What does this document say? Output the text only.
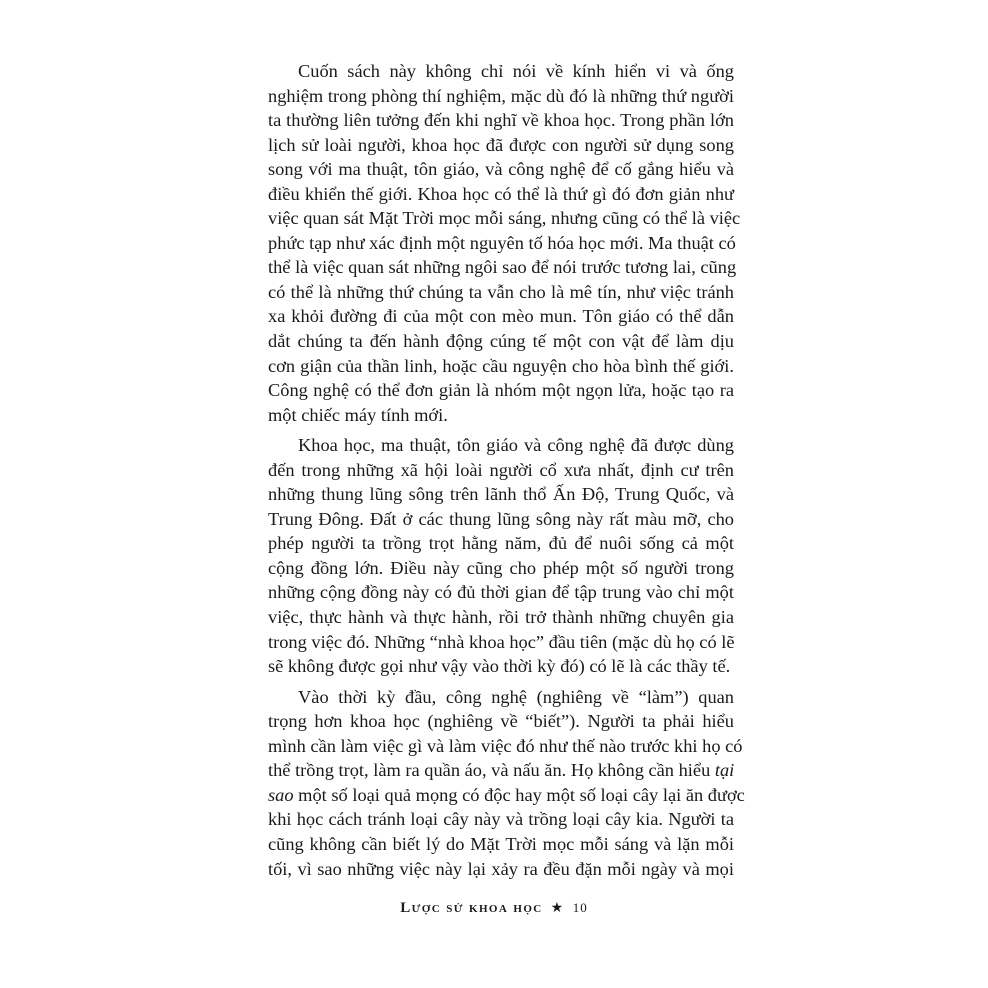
Cuốn sách này không chỉ nói về kính hiển vi và ống
nghiệm trong phòng thí nghiệm, mặc dù đó là những thứ người
ta thường liên tưởng đến khi nghĩ về khoa học. Trong phần lớn
lịch sử loài người, khoa học đã được con người sử dụng song
song với ma thuật, tôn giáo, và công nghệ để cố gắng hiểu và
điều khiển thế giới. Khoa học có thể là thứ gì đó đơn giản như
việc quan sát Mặt Trời mọc mỗi sáng, nhưng cũng có thể là việc
phức tạp như xác định một nguyên tố hóa học mới. Ma thuật có
thể là việc quan sát những ngôi sao để nói trước tương lai, cũng
có thể là những thứ chúng ta vẫn cho là mê tín, như việc tránh
xa khỏi đường đi của một con mèo mun. Tôn giáo có thể dẫn
dắt chúng ta đến hành động cúng tế một con vật để làm dịu
cơn giận của thần linh, hoặc cầu nguyện cho hòa bình thế giới.
Công nghệ có thể đơn giản là nhóm một ngọn lửa, hoặc tạo ra
một chiếc máy tính mới.

Khoa học, ma thuật, tôn giáo và công nghệ đã được dùng
đến trong những xã hội loài người cổ xưa nhất, định cư trên
những thung lũng sông trên lãnh thổ Ấn Độ, Trung Quốc, và
Trung Đông. Đất ở các thung lũng sông này rất màu mỡ, cho
phép người ta trồng trọt hằng năm, đủ để nuôi sống cả một
cộng đồng lớn. Điều này cũng cho phép một số người trong
những cộng đồng này có đủ thời gian để tập trung vào chỉ một
việc, thực hành và thực hành, rồi trở thành những chuyên gia
trong việc đó. Những “nhà khoa học” đầu tiên (mặc dù họ có lẽ
sẽ không được gọi như vậy vào thời kỳ đó) có lẽ là các thầy tế.

Vào thời kỳ đầu, công nghệ (nghiêng về “làm”) quan
trọng hơn khoa học (nghiêng về “biết”). Người ta phải hiểu
mình cần làm việc gì và làm việc đó như thế nào trước khi họ có
thể trồng trọt, làm ra quần áo, và nấu ăn. Họ không cần hiểu tại
sao một số loại quả mọng có độc hay một số loại cây lại ăn được
khi học cách tránh loại cây này và trồng loại cây kia. Người ta
cũng không cần biết lý do Mặt Trời mọc mỗi sáng và lặn mỗi
tối, vì sao những việc này lại xảy ra đều đặn mỗi ngày và mọi

Lược sử khoa học ★ 10
